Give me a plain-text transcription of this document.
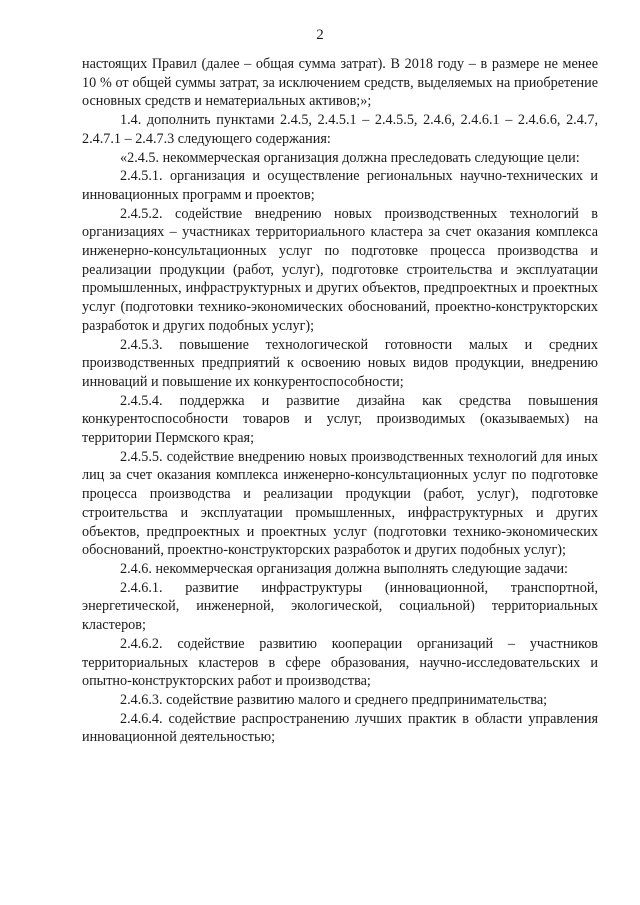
2

настоящих Правил (далее – общая сумма затрат). В 2018 году – в размере не менее 10 % от общей суммы затрат, за исключением средств, выделяемых на приобретение основных средств и нематериальных активов;»;

1.4. дополнить пунктами 2.4.5, 2.4.5.1 – 2.4.5.5, 2.4.6, 2.4.6.1 – 2.4.6.6, 2.4.7, 2.4.7.1 – 2.4.7.3 следующего содержания:

«2.4.5. некоммерческая организация должна преследовать следующие цели:

2.4.5.1. организация и осуществление региональных научно-технических и инновационных программ и проектов;

2.4.5.2. содействие внедрению новых производственных технологий в организациях – участниках территориального кластера за счет оказания комплекса инженерно-консультационных услуг по подготовке процесса производства и реализации продукции (работ, услуг), подготовке строительства и эксплуатации промышленных, инфраструктурных и других объектов, предпроектных и проектных услуг (подготовки технико-экономических обоснований, проектно-конструкторских разработок и других подобных услуг);

2.4.5.3. повышение технологической готовности малых и средних производственных предприятий к освоению новых видов продукции, внедрению инноваций и повышение их конкурентоспособности;

2.4.5.4. поддержка и развитие дизайна как средства повышения конкурентоспособности товаров и услуг, производимых (оказываемых) на территории Пермского края;

2.4.5.5. содействие внедрению новых производственных технологий для иных лиц за счет оказания комплекса инженерно-консультационных услуг по подготовке процесса производства и реализации продукции (работ, услуг), подготовке строительства и эксплуатации промышленных, инфраструктурных и других объектов, предпроектных и проектных услуг (подготовки технико-экономических обоснований, проектно-конструкторских разработок и других подобных услуг);

2.4.6. некоммерческая организация должна выполнять следующие задачи:

2.4.6.1. развитие инфраструктуры (инновационной, транспортной, энергетической, инженерной, экологической, социальной) территориальных кластеров;

2.4.6.2. содействие развитию кооперации организаций – участников территориальных кластеров в сфере образования, научно-исследовательских и опытно-конструкторских работ и производства;

2.4.6.3. содействие развитию малого и среднего предпринимательства;

2.4.6.4. содействие распространению лучших практик в области управления инновационной деятельностью;
